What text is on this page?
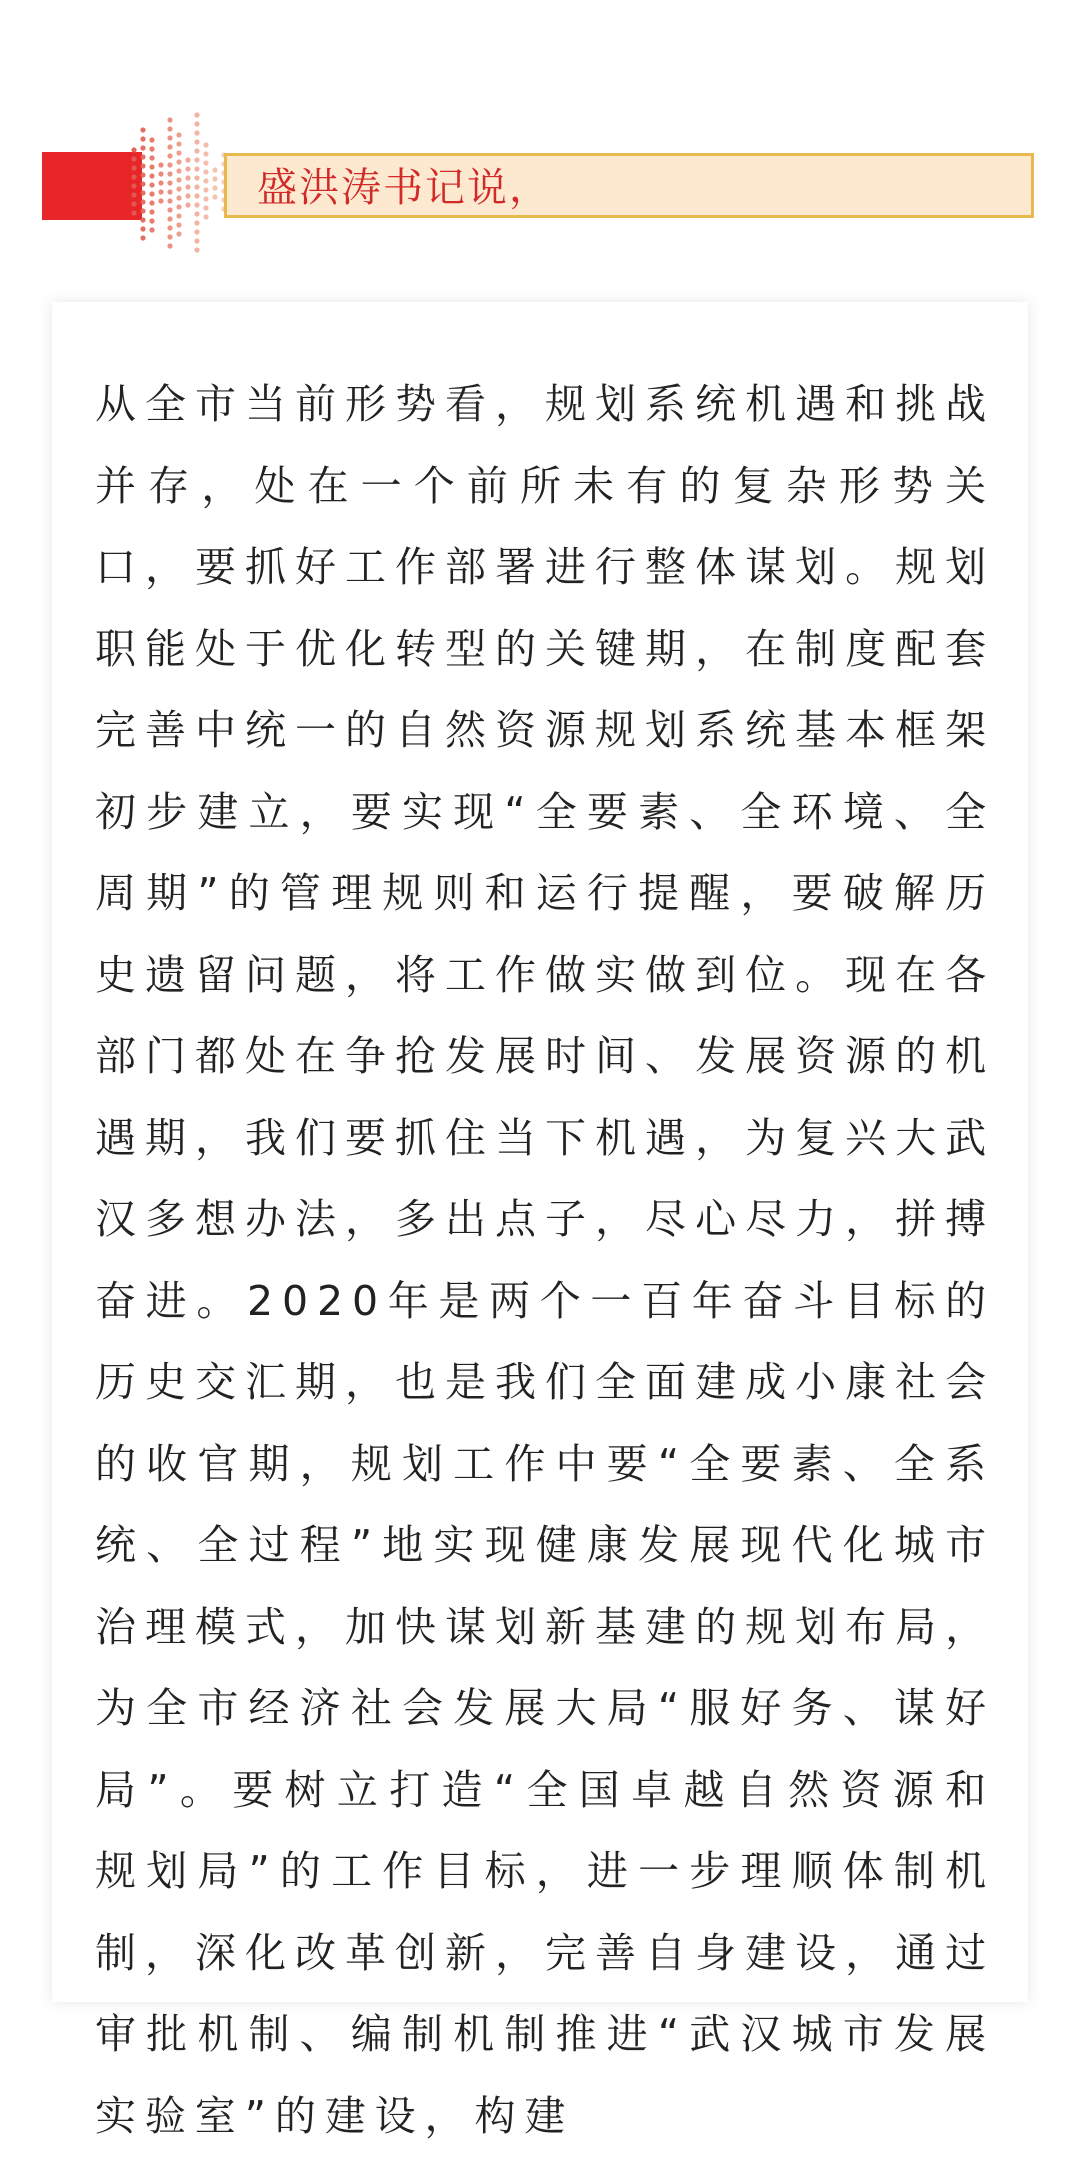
盛洪涛书记说，

从全市当前形势看，规划系统机遇和挑战并存，处在一个前所未有的复杂形势关口，要抓好工作部署进行整体谋划。规划职能处于优化转型的关键期，在制度配套完善中统一的自然资源规划系统基本框架初步建立，要实现“全要素、全环境、全周期”的管理规则和运行提醒，要破解历史遗留问题，将工作做实做到位。现在各部门都处在争抢发展时间、发展资源的机遇期，我们要抓住当下机遇，为复兴大武汉多想办法，多出点子，尽心尽力，拼搏奋进。2020年是两个一百年奋斗目标的历史交汇期，也是我们全面建成小康社会的收官期，规划工作中要“全要素、全系统、全过程”地实现健康发展现代化城市治理模式，加快谋划新基建的规划布局，为全市经济社会发展大局“服好务、谋好局”。要树立打造“全国卓越自然资源和规划局”的工作目标，进一步理顺体制机制，深化改革创新，完善自身建设，通过审批机制、编制机制推进“武汉城市发展实验室”的建设，构建
